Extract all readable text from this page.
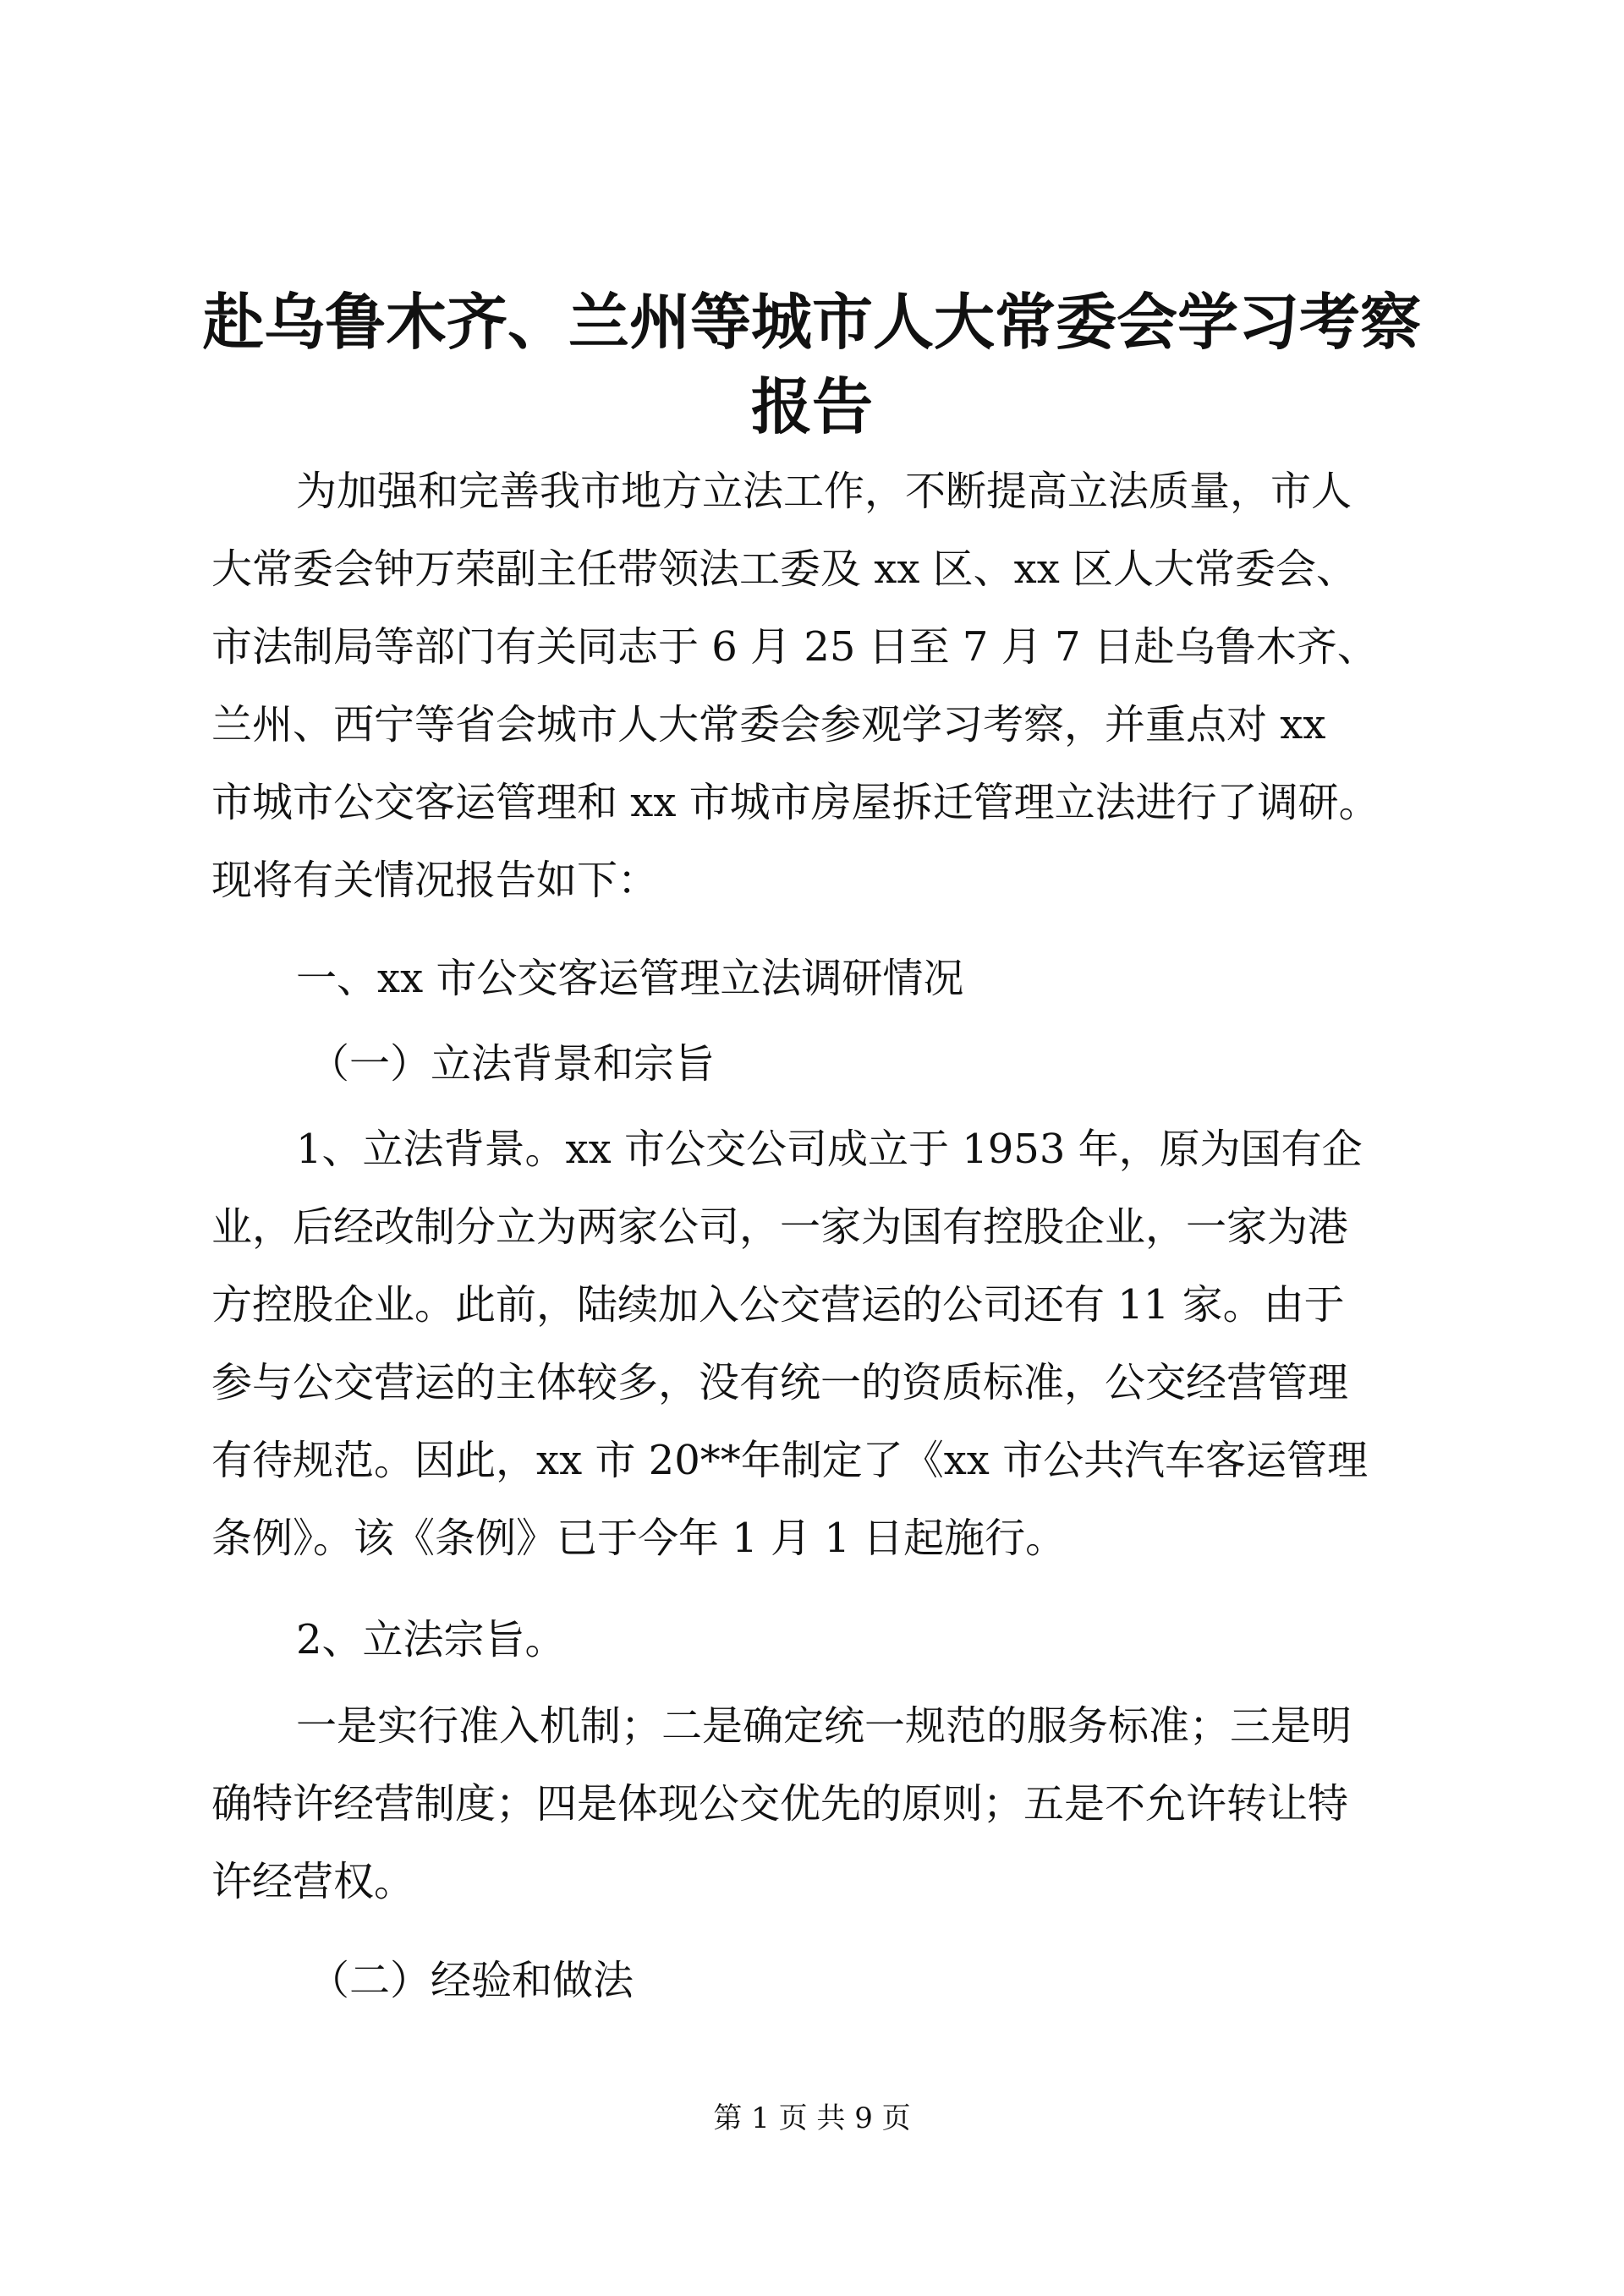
赴乌鲁木齐、兰州等城市人大常委会学习考察
报告
为加强和完善我市地方立法工作，不断提高立法质量，市人
大常委会钟万荣副主任带领法工委及 xx 区、xx 区人大常委会、
市法制局等部门有关同志于 6 月 25 日至 7 月 7 日赴乌鲁木齐、
兰州、西宁等省会城市人大常委会参观学习考察，并重点对 xx
市城市公交客运管理和 xx 市城市房屋拆迁管理立法进行了调研。
现将有关情况报告如下：
一、xx 市公交客运管理立法调研情况
（一）立法背景和宗旨
1、立法背景。xx 市公交公司成立于 1953 年，原为国有企
业，后经改制分立为两家公司，一家为国有控股企业，一家为港
方控股企业。此前，陆续加入公交营运的公司还有 11 家。由于
参与公交营运的主体较多，没有统一的资质标准，公交经营管理
有待规范。因此，xx 市 20**年制定了《xx 市公共汽车客运管理
条例》。该《条例》已于今年 1 月 1 日起施行。
2、立法宗旨。
一是实行准入机制；二是确定统一规范的服务标准；三是明
确特许经营制度；四是体现公交优先的原则；五是不允许转让特
许经营权。
（二）经验和做法
第 1 页 共 9 页
